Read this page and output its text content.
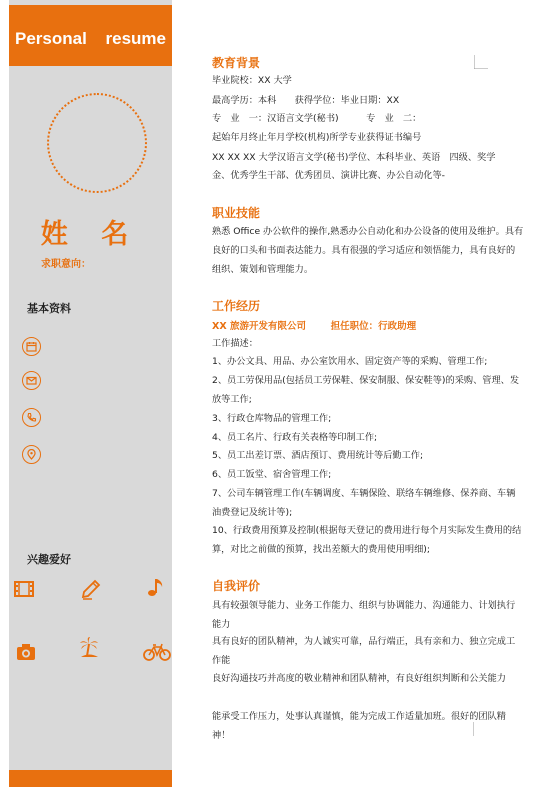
Personal resume
姓 名
求职意向：
基本资料
兴趣爱好
教育背景
毕业院校：XX 大学
最高学历：本科　　获得学位：毕业日期：XX
专　业　一：汉语言文学(秘书)　　　专　业　二：
起始年月终止年月学校(机构)所学专业获得证书编号
XX XX XX 大学汉语言文学(秘书)学位、本科毕业、英语　四级、奖学
金、优秀学生干部、优秀团员、演讲比赛、办公自动化等-
职业技能
熟悉 Office 办公软件的操作,熟悉办公自动化和办公设备的使用及维护。具有良好的口头和书面表达能力。具有很强的学习适应和领悟能力，具有良好的组织、策划和管理能力。
工作经历
XX 旅游开发有限公司	担任职位：行政助理
工作描述：
1、办公文具、用品、办公室饮用水、固定资产等的采购、管理工作;
2、员工劳保用品(包括员工劳保鞋、保安制服、保安鞋等)的采购、管理、发放等工作;
3、行政仓库物品的管理工作;
4、员工名片、行政有关表格等印制工作;
5、员工出差订票、酒店预订、费用统计等后勤工作;
6、员工饭堂、宿舍管理工作;
7、公司车辆管理工作(车辆调度、车辆保险、联络车辆维修、保养商、车辆油费登记及统计等);
10、行政费用预算及控制(根据每天登记的费用进行每个月实际发生费用的结算，对比之前做的预算，找出差额大的费用使用明细);
自我评价
具有较强领导能力、业务工作能力、组织与协调能力、沟通能力、计划执行能力
具有良好的团队精神，为人诚实可靠，品行端正，具有亲和力、独立完成工作能
良好沟通技巧并高度的敬业精神和团队精神，有良好组织判断和公关能力
能承受工作压力，处事认真谨慎，能为完成工作适量加班。很好的团队精神！
